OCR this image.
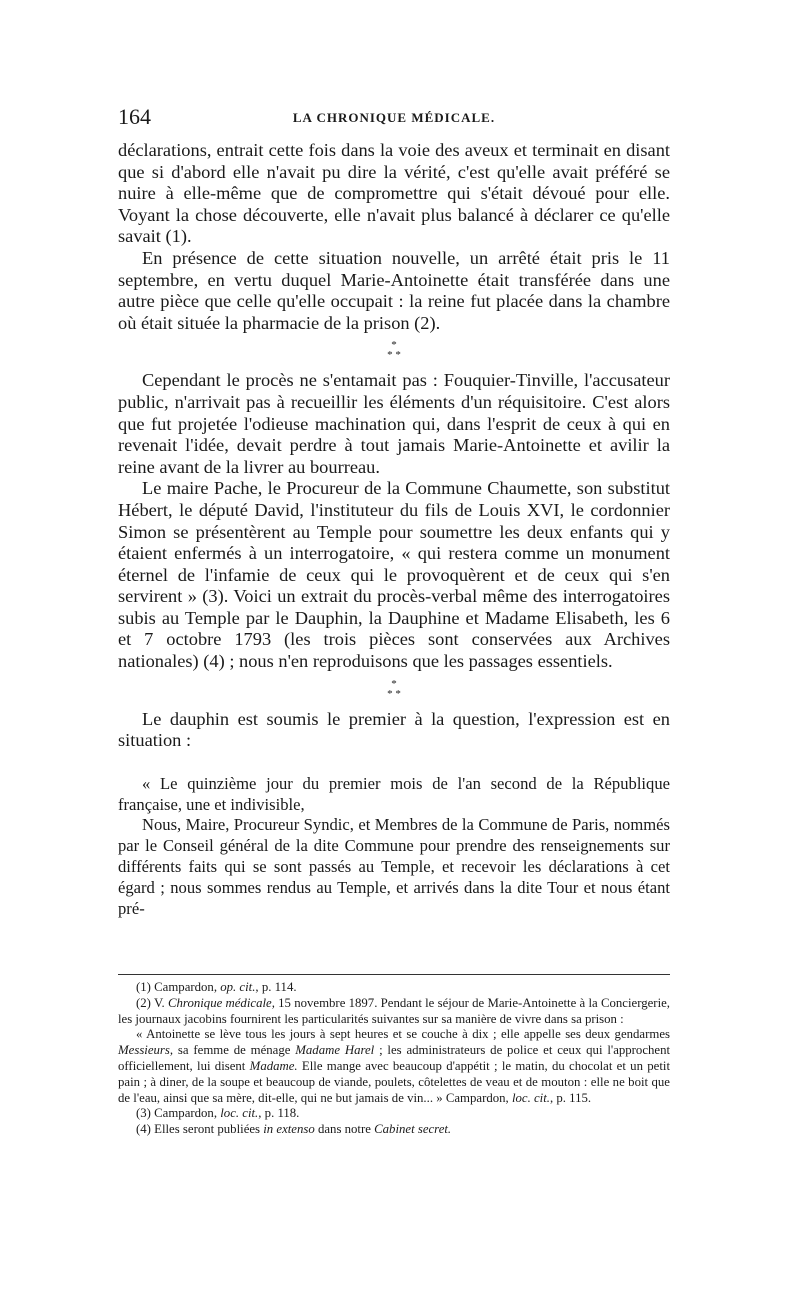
164	LA CHRONIQUE MÉDICALE.

déclarations, entrait cette fois dans la voie des aveux et terminait en disant que si d'abord elle n'avait pu dire la vérité, c'est qu'elle avait préféré se nuire à elle-même que de compromettre qui s'était dévoué pour elle. Voyant la chose découverte, elle n'avait plus balancé à déclarer ce qu'elle savait (1).

En présence de cette situation nouvelle, un arrêté était pris le 11 septembre, en vertu duquel Marie-Antoinette était transférée dans une autre pièce que celle qu'elle occupait : la reine fut placée dans la chambre où était située la pharmacie de la prison (2).

*
* *

Cependant le procès ne s'entamait pas : Fouquier-Tinville, l'accusateur public, n'arrivait pas à recueillir les éléments d'un réquisitoire. C'est alors que fut projetée l'odieuse machination qui, dans l'esprit de ceux à qui en revenait l'idée, devait perdre à tout jamais Marie-Antoinette et avilir la reine avant de la livrer au bourreau.

Le maire Pache, le Procureur de la Commune Chaumette, son substitut Hébert, le député David, l'instituteur du fils de Louis XVI, le cordonnier Simon se présentèrent au Temple pour soumettre les deux enfants qui y étaient enfermés à un interrogatoire, « qui restera comme un monument éternel de l'infamie de ceux qui le provoquèrent et de ceux qui s'en servirent » (3). Voici un extrait du procès-verbal même des interrogatoires subis au Temple par le Dauphin, la Dauphine et Madame Elisabeth, les 6 et 7 octobre 1793 (les trois pièces sont conservées aux Archives nationales) (4) ; nous n'en reproduisons que les passages essentiels.

*
* *

Le dauphin est soumis le premier à la question, l'expression est en situation :

« Le quinzième jour du premier mois de l'an second de la République française, une et indivisible,

Nous, Maire, Procureur Syndic, et Membres de la Commune de Paris, nommés par le Conseil général de la dite Commune pour prendre des renseignements sur différents faits qui se sont passés au Temple, et recevoir les déclarations à cet égard ; nous sommes rendus au Temple, et arrivés dans la dite Tour et nous étant pré-

(1) Campardon, op. cit., p. 114.

(2) V. Chronique médicale, 15 novembre 1897. Pendant le séjour de Marie-Antoinette à la Conciergerie, les journaux jacobins fournirent les particularités suivantes sur sa manière de vivre dans sa prison :

« Antoinette se lève tous les jours à sept heures et se couche à dix ; elle appelle ses deux gendarmes Messieurs, sa femme de ménage Madame Harel ; les administrateurs de police et ceux qui l'approchent officiellement, lui disent Madame. Elle mange avec beaucoup d'appétit ; le matin, du chocolat et un petit pain ; à diner, de la soupe et beaucoup de viande, poulets, côtelettes de veau et de mouton : elle ne boit que de l'eau, ainsi que sa mère, dit-elle, qui ne but jamais de vin... » Campardon, loc. cit., p. 115.

(3) Campardon, loc. cit., p. 118.

(4) Elles seront publiées in extenso dans notre Cabinet secret.
